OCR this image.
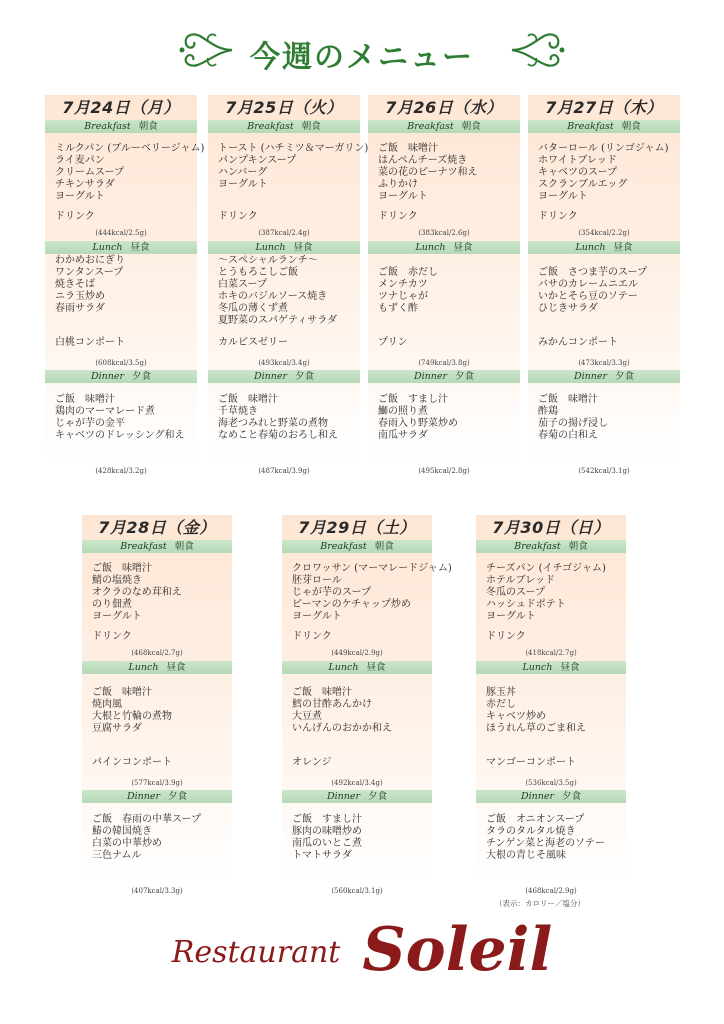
今週のメニュー
7月24日（月）
Breakfast 朝食
ミルクパン (ブルーベリージャム)
ライ麦パン
クリームスープ
チキンサラダ
ヨーグルト
ドリンク
(444kcal/2.5g)
Lunch 昼食
わかめおにぎり
ワンタンスープ
焼きそば
ニラ玉炒め
春雨サラダ
白桃コンポート
(608kcal/3.5g)
Dinner 夕食
ご飯　味噌汁
鶏肉のマーマレード煮
じゃが芋の金平
キャベツのドレッシング和え
(428kcal/3.2g)
7月25日（火）
Breakfast 朝食
トースト (ハチミツ＆マーガリン)
パンプキンスープ
ハンバーグ
ヨーグルト
ドリンク
(387kcal/2.4g)
Lunch 昼食
～スペシャルランチ～
とうもろこしご飯
白菜スープ
ホキのバジルソース焼き
冬瓜の薄くず煮
夏野菜のスパゲティサラダ
カルピスゼリー
(493kcal/3.4g)
Dinner 夕食
ご飯　味噌汁
千草焼き
海老つみれと野菜の煮物
なめこと春菊のおろし和え
(487kcal/3.9g)
7月26日（水）
Breakfast 朝食
ご飯　味噌汁
はんぺんチーズ焼き
菜の花のピーナツ和え
ふりかけ
ヨーグルト
ドリンク
(383kcal/2.6g)
Lunch 昼食
ご飯　赤だし
メンチカツ
ツナじゃが
もずく酢
プリン
(749kcal/3.8g)
Dinner 夕食
ご飯　すまし汁
鰤の照り煮
春雨入り野菜炒め
南瓜サラダ
(495kcal/2.8g)
7月27日（木）
Breakfast 朝食
バターロール (リンゴジャム)
ホワイトブレッド
キャベツのスープ
スクランブルエッグ
ヨーグルト
ドリンク
(354kcal/2.2g)
Lunch 昼食
ご飯　さつま芋のスープ
バサのカレームニエル
いかとそら豆のソテー
ひじきサラダ
みかんコンポート
(473kcal/3.3g)
Dinner 夕食
ご飯　味噌汁
酢鶏
茄子の揚げ浸し
春菊の白和え
(542kcal/3.1g)
7月28日（金）
Breakfast 朝食
ご飯　味噌汁
鯖の塩焼き
オクラのなめ茸和え
のり佃煮
ヨーグルト
ドリンク
(468kcal/2.7g)
Lunch 昼食
ご飯　味噌汁
焼肉風
大根と竹輪の煮物
豆腐サラダ
パインコンポート
(577kcal/3.9g)
Dinner 夕食
ご飯　春雨の中華スープ
鰆の韓国焼き
白菜の中華炒め
三色ナムル
(407kcal/3.3g)
7月29日（土）
Breakfast 朝食
クロワッサン (マーマレードジャム)
胚芽ロール
じゃが芋のスープ
ピーマンのケチャップ炒め
ヨーグルト
ドリンク
(449kcal/2.9g)
Lunch 昼食
ご飯　味噌汁
鱈の甘酢あんかけ
大豆煮
いんげんのおかか和え
オレンジ
(492kcal/3.4g)
Dinner 夕食
ご飯　すまし汁
豚肉の味噌炒め
南瓜のいとこ煮
トマトサラダ
(560kcal/3.1g)
7月30日（日）
Breakfast 朝食
チーズパン (イチゴジャム)
ホテルブレッド
冬瓜のスープ
ハッシュドポテト
ヨーグルト
ドリンク
(418kcal/2.7g)
Lunch 昼食
豚玉丼
赤だし
キャベツ炒め
ほうれん草のごま和え
マンゴーコンポート
(536kcal/3.5g)
Dinner 夕食
ご飯　オニオンスープ
タラのタルタル焼き
チンゲン菜と海老のソテー
大根の青じそ風味
(468kcal/2.9g)
（表示：カロリー／塩分）
Restaurant Soleil
